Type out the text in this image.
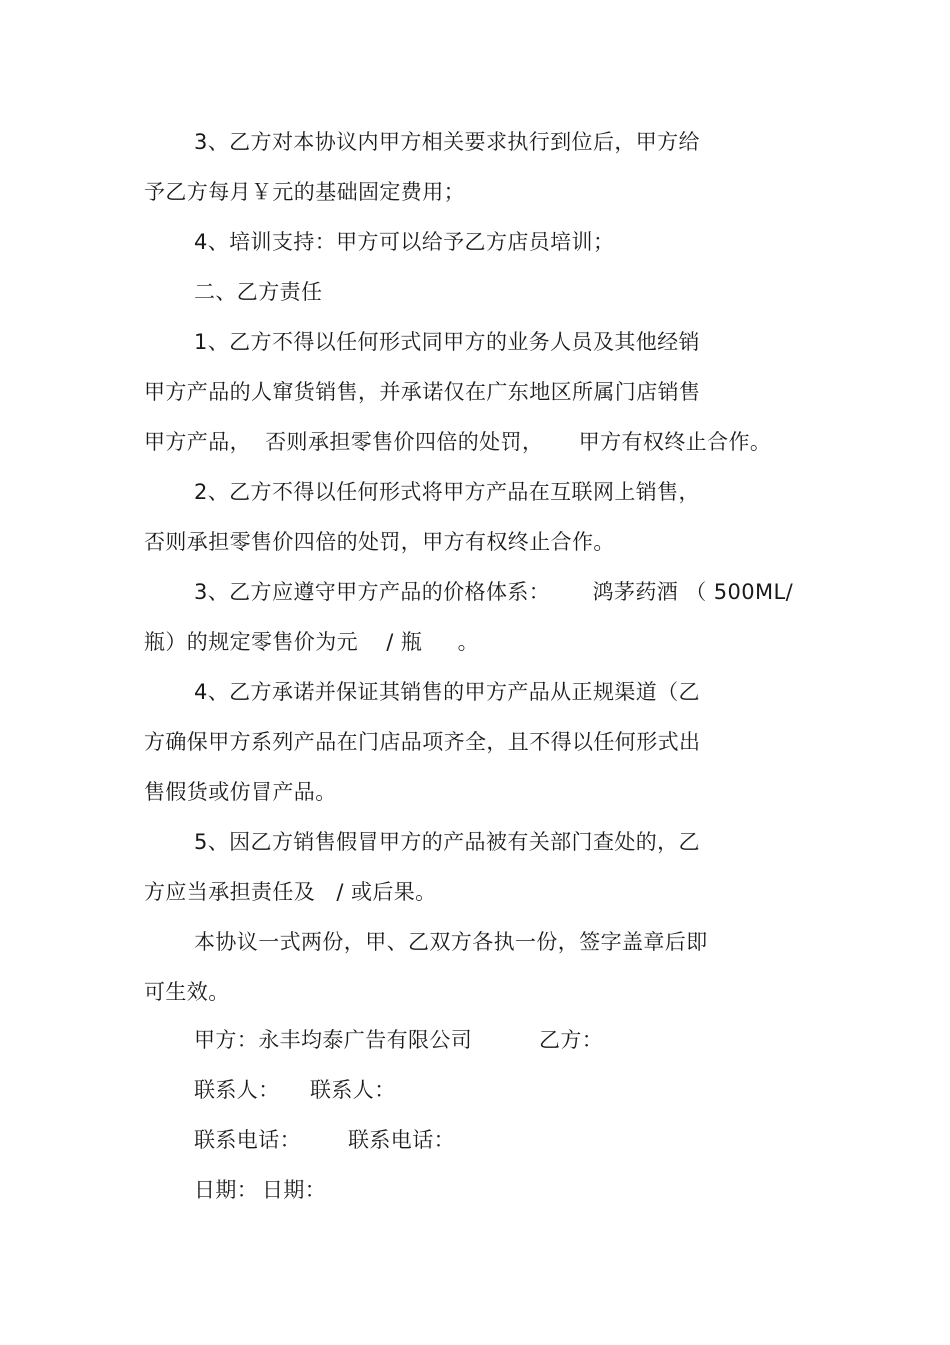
3、乙方对本协议内甲方相关要求执行到位后，甲方给
予乙方每月￥元的基础固定费用；
4、培训支持：甲方可以给予乙方店员培训；
二、乙方责任
1、乙方不得以任何形式同甲方的业务人员及其他经销
甲方产品的人窜货销售，并承诺仅在广东地区所属门店销售
甲方产品，  否则承担零售价四倍的处罚，     甲方有权终止合作。
2、乙方不得以任何形式将甲方产品在互联网上销售，
否则承担零售价四倍的处罚，甲方有权终止合作。
3、乙方应遵守甲方产品的价格体系：      鸿茅药酒 （ 500ML/
瓶）的规定零售价为元    / 瓶     。
4、乙方承诺并保证其销售的甲方产品从正规渠道（乙
方确保甲方系列产品在门店品项齐全，且不得以任何形式出
售假货或仿冒产品。
5、因乙方销售假冒甲方的产品被有关部门查处的，乙
方应当承担责任及   / 或后果。
本协议一式两份，甲、乙双方各执一份，签字盖章后即
可生效。
甲方：永丰均泰广告有限公司	乙方：
联系人： 联系人：
联系电话： 联系电话：
日期： 日期：
